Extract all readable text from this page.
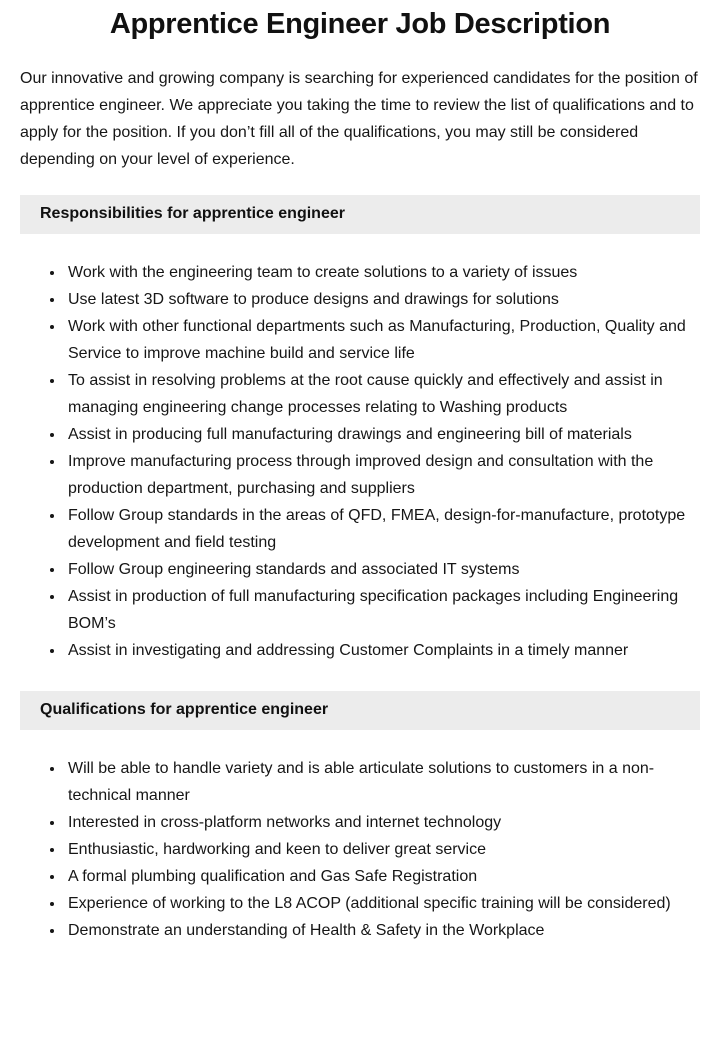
Apprentice Engineer Job Description

Our innovative and growing company is searching for experienced candidates for the position of apprentice engineer. We appreciate you taking the time to review the list of qualifications and to apply for the position. If you don’t fill all of the qualifications, you may still be considered depending on your level of experience.

Responsibilities for apprentice engineer
• Work with the engineering team to create solutions to a variety of issues
• Use latest 3D software to produce designs and drawings for solutions
• Work with other functional departments such as Manufacturing, Production, Quality and Service to improve machine build and service life
• To assist in resolving problems at the root cause quickly and effectively and assist in managing engineering change processes relating to Washing products
• Assist in producing full manufacturing drawings and engineering bill of materials
• Improve manufacturing process through improved design and consultation with the production department, purchasing and suppliers
• Follow Group standards in the areas of QFD, FMEA, design-for-manufacture, prototype development and field testing
• Follow Group engineering standards and associated IT systems
• Assist in production of full manufacturing specification packages including Engineering BOM’s
• Assist in investigating and addressing Customer Complaints in a timely manner
Qualifications for apprentice engineer
• Will be able to handle variety and is able articulate solutions to customers in a non-technical manner
• Interested in cross-platform networks and internet technology
• Enthusiastic, hardworking and keen to deliver great service
• A formal plumbing qualification and Gas Safe Registration
• Experience of working to the L8 ACOP (additional specific training will be considered)
• Demonstrate an understanding of Health & Safety in the Workplace
